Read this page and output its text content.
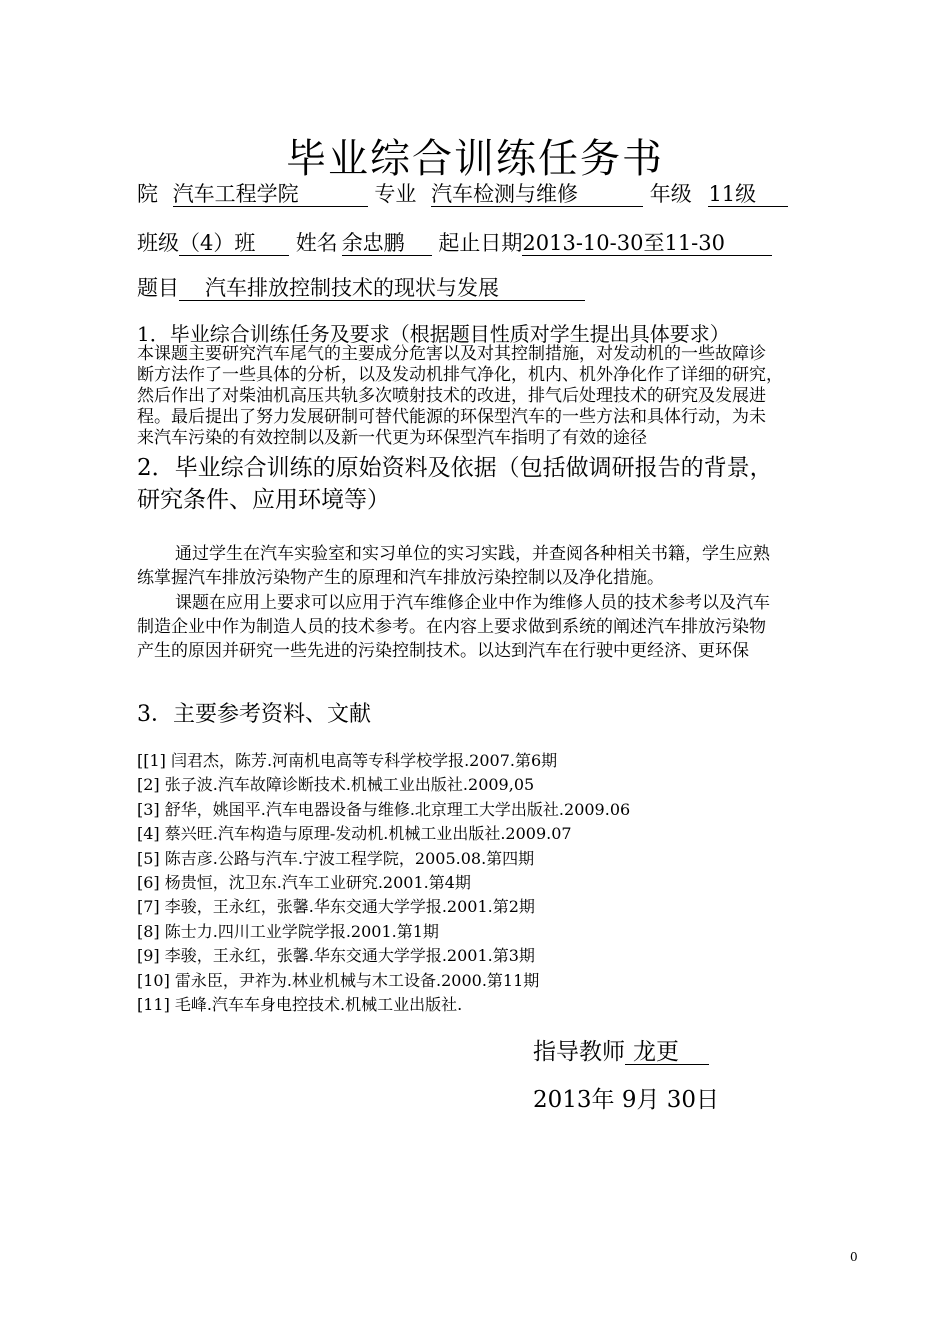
毕业综合训练任务书
院 汽车工程学院	专业 汽车检测与维修	年级 11级
班级（4）班 姓名 余忠鹏 起止日期2013-10-30至11-30
题目 汽车排放控制技术的现状与发展
1．毕业综合训练任务及要求（根据题目性质对学生提出具体要求）
本课题主要研究汽车尾气的主要成分危害以及对其控制措施，对发动机的一些故障诊
断方法作了一些具体的分析，以及发动机排气净化，机内、机外净化作了详细的研究，
然后作出了对柴油机高压共轨多次喷射技术的改进，排气后处理技术的研究及发展进
程。最后提出了努力发展研制可替代能源的环保型汽车的一些方法和具体行动，为未
来汽车污染的有效控制以及新一代更为环保型汽车指明了有效的途径
2．毕业综合训练的原始资料及依据（包括做调研报告的背景，
研究条件、应用环境等）
通过学生在汽车实验室和实习单位的实习实践，并查阅各种相关书籍，学生应熟
练掌握汽车排放污染物产生的原理和汽车排放污染控制以及净化措施。
课题在应用上要求可以应用于汽车维修企业中作为维修人员的技术参考以及汽车
制造企业中作为制造人员的技术参考。在内容上要求做到系统的阐述汽车排放污染物
产生的原因并研究一些先进的污染控制技术。以达到汽车在行驶中更经济、更环保
3．主要参考资料、文献
[[1] 闫君杰，陈芳.河南机电高等专科学校学报.2007.第6期
[2] 张子波.汽车故障诊断技术.机械工业出版社.2009,05
[3] 舒华，姚国平.汽车电器设备与维修.北京理工大学出版社.2009.06
[4] 蔡兴旺.汽车构造与原理-发动机.机械工业出版社.2009.07
[5] 陈吉彦.公路与汽车.宁波工程学院，2005.08.第四期
[6] 杨贵恒，沈卫东.汽车工业研究.2001.第4期
[7] 李骏，王永红，张馨.华东交通大学学报.2001.第2期
[8] 陈士力.四川工业学院学报.2001.第1期
[9] 李骏，王永红，张馨.华东交通大学学报.2001.第3期
[10] 雷永臣，尹祚为.林业机械与木工设备.2000.第11期
[11] 毛峰.汽车车身电控技术.机械工业出版社.
指导教师 龙更
2013年 9月 30日
0
